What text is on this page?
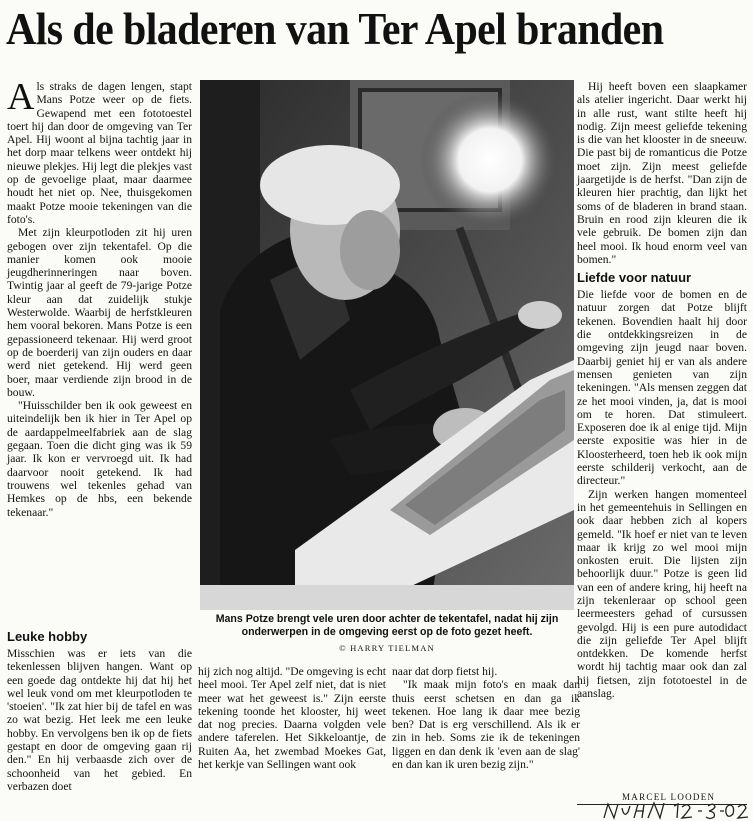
Als de bladeren van Ter Apel branden

Als straks de dagen lengen, stapt Mans Potze weer op de fiets. Gewapend met een fototoestel toert hij dan door de omgeving van Ter Apel. Hij woont al bijna tachtig jaar in het dorp maar telkens weer ontdekt hij nieuwe plekjes. Hij legt die plekjes vast op de gevoelige plaat, maar daarmee houdt het niet op. Nee, thuisgekomen maakt Potze mooie tekeningen van die foto's.

Met zijn kleurpotloden zit hij uren gebogen over zijn tekentafel. Op die manier komen ook mooie jeugdherinneringen naar boven. Twintig jaar al geeft de 79-jarige Potze kleur aan dat zuidelijk stukje Westerwolde. Waarbij de herfstkleuren hem vooral bekoren. Mans Potze is een gepassioneerd tekenaar. Hij werd groot op de boerderij van zijn ouders en daar werd niet getekend. Hij werd geen boer, maar verdiende zijn brood in de bouw.

"Huisschilder ben ik ook geweest en uiteindelijk ben ik hier in Ter Apel op de aardappelmeelfabriek aan de slag gegaan. Toen die dicht ging was ik 59 jaar. Ik kon er vervroegd uit. Ik had daarvoor nooit getekend. Ik had trouwens wel tekenles gehad van Hemkes op de hbs, een bekende tekenaar."

Leuke hobby

Misschien was er iets van die tekenlessen blijven hangen. Want op een goede dag ontdekte hij dat hij het wel leuk vond om met kleurpotloden te 'stoeien'. "Ik zat hier bij de tafel en was zo wat bezig. Het leek me een leuke hobby. En vervolgens ben ik op de fiets gestapt en door de omgeving gaan rij den." En hij verbaasde zich over de schoonheid van het gebied. En verbazen doet

Mans Potze brengt vele uren door achter de tekentafel, nadat hij zijn onderwerpen in de omgeving eerst op de foto gezet heeft.
© HARRY TIELMAN

hij zich nog altijd. "De omgeving is echt heel mooi. Ter Apel zelf niet, dat is niet meer wat het geweest is." Zijn eerste tekening toonde het klooster, hij weet dat nog precies. Daarna volgden vele andere taferelen. Het Sikkeloantje, de Ruiten Aa, het zwembad Moekes Gat, het kerkje van Sellingen want ook

naar dat dorp fietst hij.

"Ik maak mijn foto's en maak dan thuis eerst schetsen en dan ga ik tekenen. Hoe lang ik daar mee bezig ben? Dat is erg verschillend. Als ik er zin in heb. Soms zie ik de tekeningen liggen en dan denk ik 'even aan de slag' en dan kan ik uren bezig zijn."

Hij heeft boven een slaapkamer als atelier ingericht. Daar werkt hij in alle rust, want stilte heeft hij nodig. Zijn meest geliefde tekening is die van het klooster in de sneeuw. Die past bij de romanticus die Potze moet zijn. Zijn meest geliefde jaargetijde is de herfst. "Dan zijn de kleuren hier prachtig, dan lijkt het soms of de bladeren in brand staan. Bruin en rood zijn kleuren die ik vele gebruik. De bomen zijn dan heel mooi. Ik houd enorm veel van bomen."

Liefde voor natuur

Die liefde voor de bomen en de natuur zorgen dat Potze blijft tekenen. Bovendien haalt hij door die ontdekkingsreizen in de omgeving zijn jeugd naar boven. Daarbij geniet hij er van als andere mensen genieten van zijn tekeningen. "Als mensen zeggen dat ze het mooi vinden, ja, dat is mooi om te horen. Dat stimuleert. Exposeren doe ik al enige tijd. Mijn eerste expositie was hier in de Kloosterheerd, toen heb ik ook mijn eerste schilderij verkocht, aan de directeur."

Zijn werken hangen momenteel in het gemeentehuis in Sellingen en ook daar hebben zich al kopers gemeld. "Ik hoef er niet van te leven maar ik krijg zo wel mooi mijn onkosten eruit. Die lijsten zijn behoorlijk duur." Potze is geen lid van een of andere kring, hij heeft na zijn tekenleraar op school geen leermeesters gehad of cursussen gevolgd. Hij is een pure autodidact die zijn geliefde Ter Apel blijft ontdekken. De komende herfst wordt hij tachtig maar ook dan zal hij fietsen, zijn fototoestel in de aanslag.

MARCEL LOODEN
